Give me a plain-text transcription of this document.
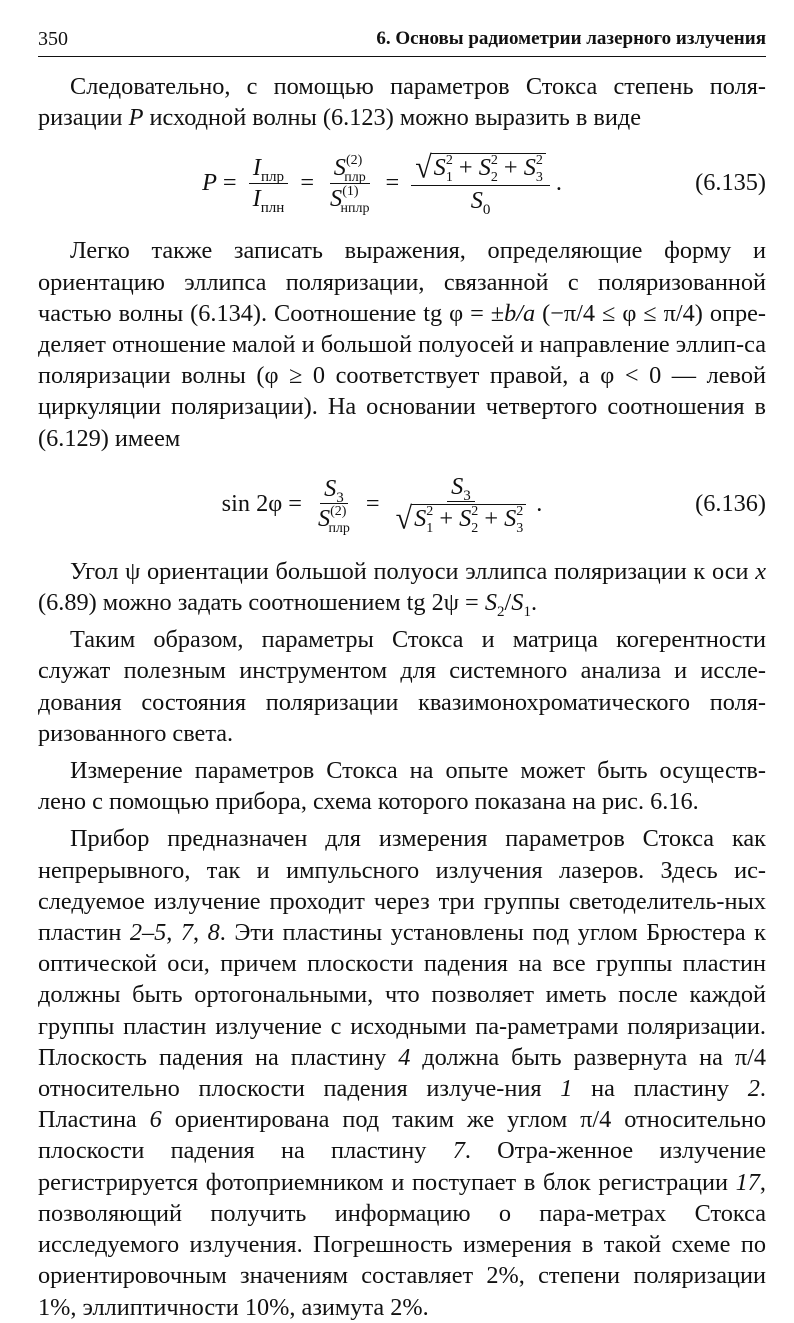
350	6. Основы радиометрии лазерного излучения

Следовательно, с помощью параметров Стокса степень поля-ризации P исходной волны (6.123) можно выразить в виде

$P = \frac{I_{плр}}{I_{плн}} = \frac{S^{(2)}_{плр}}{S^{(1)}_{нплр}} = \frac{√ S^2_1 + S^2_2 + S^2_3}{S_0}$ .	(6.135)

Легко также записать выражения, определяющие форму и ориентацию эллипса поляризации, связанной с поляризованной частью волны (6.134). Соотношение tg φ = ±b/a (−π/4 ≤ φ ≤ π/4) опре-деляет отношение малой и большой полуосей и направление эллип-са поляризации волны (φ ≥ 0 соответствует правой, а φ < 0 — левой циркуляции поляризации). На основании четвертого соотношения в (6.129) имеем

$\sin 2\varphi = \frac{S_3}{S^{(2)}_{плр}} = \frac{S_3}{√ S^2_1 + S^2_2 + S^2_3}$ .	(6.136)

Угол ψ ориентации большой полуоси эллипса поляризации к оси x (6.89) можно задать соотношением tg $2\psi = S_2/S_1$.

Таким образом, параметры Стокса и матрица когерентности служат полезным инструментом для системного анализа и иссле-дования состояния поляризации квазимонохроматического поля-ризованного света.

Измерение параметров Стокса на опыте может быть осуществ-лено с помощью прибора, схема которого показана на рис. 6.16.

Прибор предназначен для измерения параметров Стокса как непрерывного, так и импульсного излучения лазеров. Здесь ис-следуемое излучение проходит через три группы светоделитель-ных пластин 2–5, 7, 8. Эти пластины установлены под углом Брюстера к оптической оси, причем плоскости падения на все группы пластин должны быть ортогональными, что позволяет иметь после каждой группы пластин излучение с исходными па-раметрами поляризации. Плоскость падения на пластину 4 должна быть развернута на π/4 относительно плоскости падения излуче-ния 1 на пластину 2. Пластина 6 ориентирована под таким же углом π/4 относительно плоскости падения на пластину 7. Отра-женное излучение регистрируется фотоприемником и поступает в блок регистрации 17, позволяющий получить информацию о пара-метрах Стокса исследуемого излучения. Погрешность измерения в такой схеме по ориентировочным значениям составляет 2%, степени поляризации 1%, эллиптичности 10%, азимута 2%.
